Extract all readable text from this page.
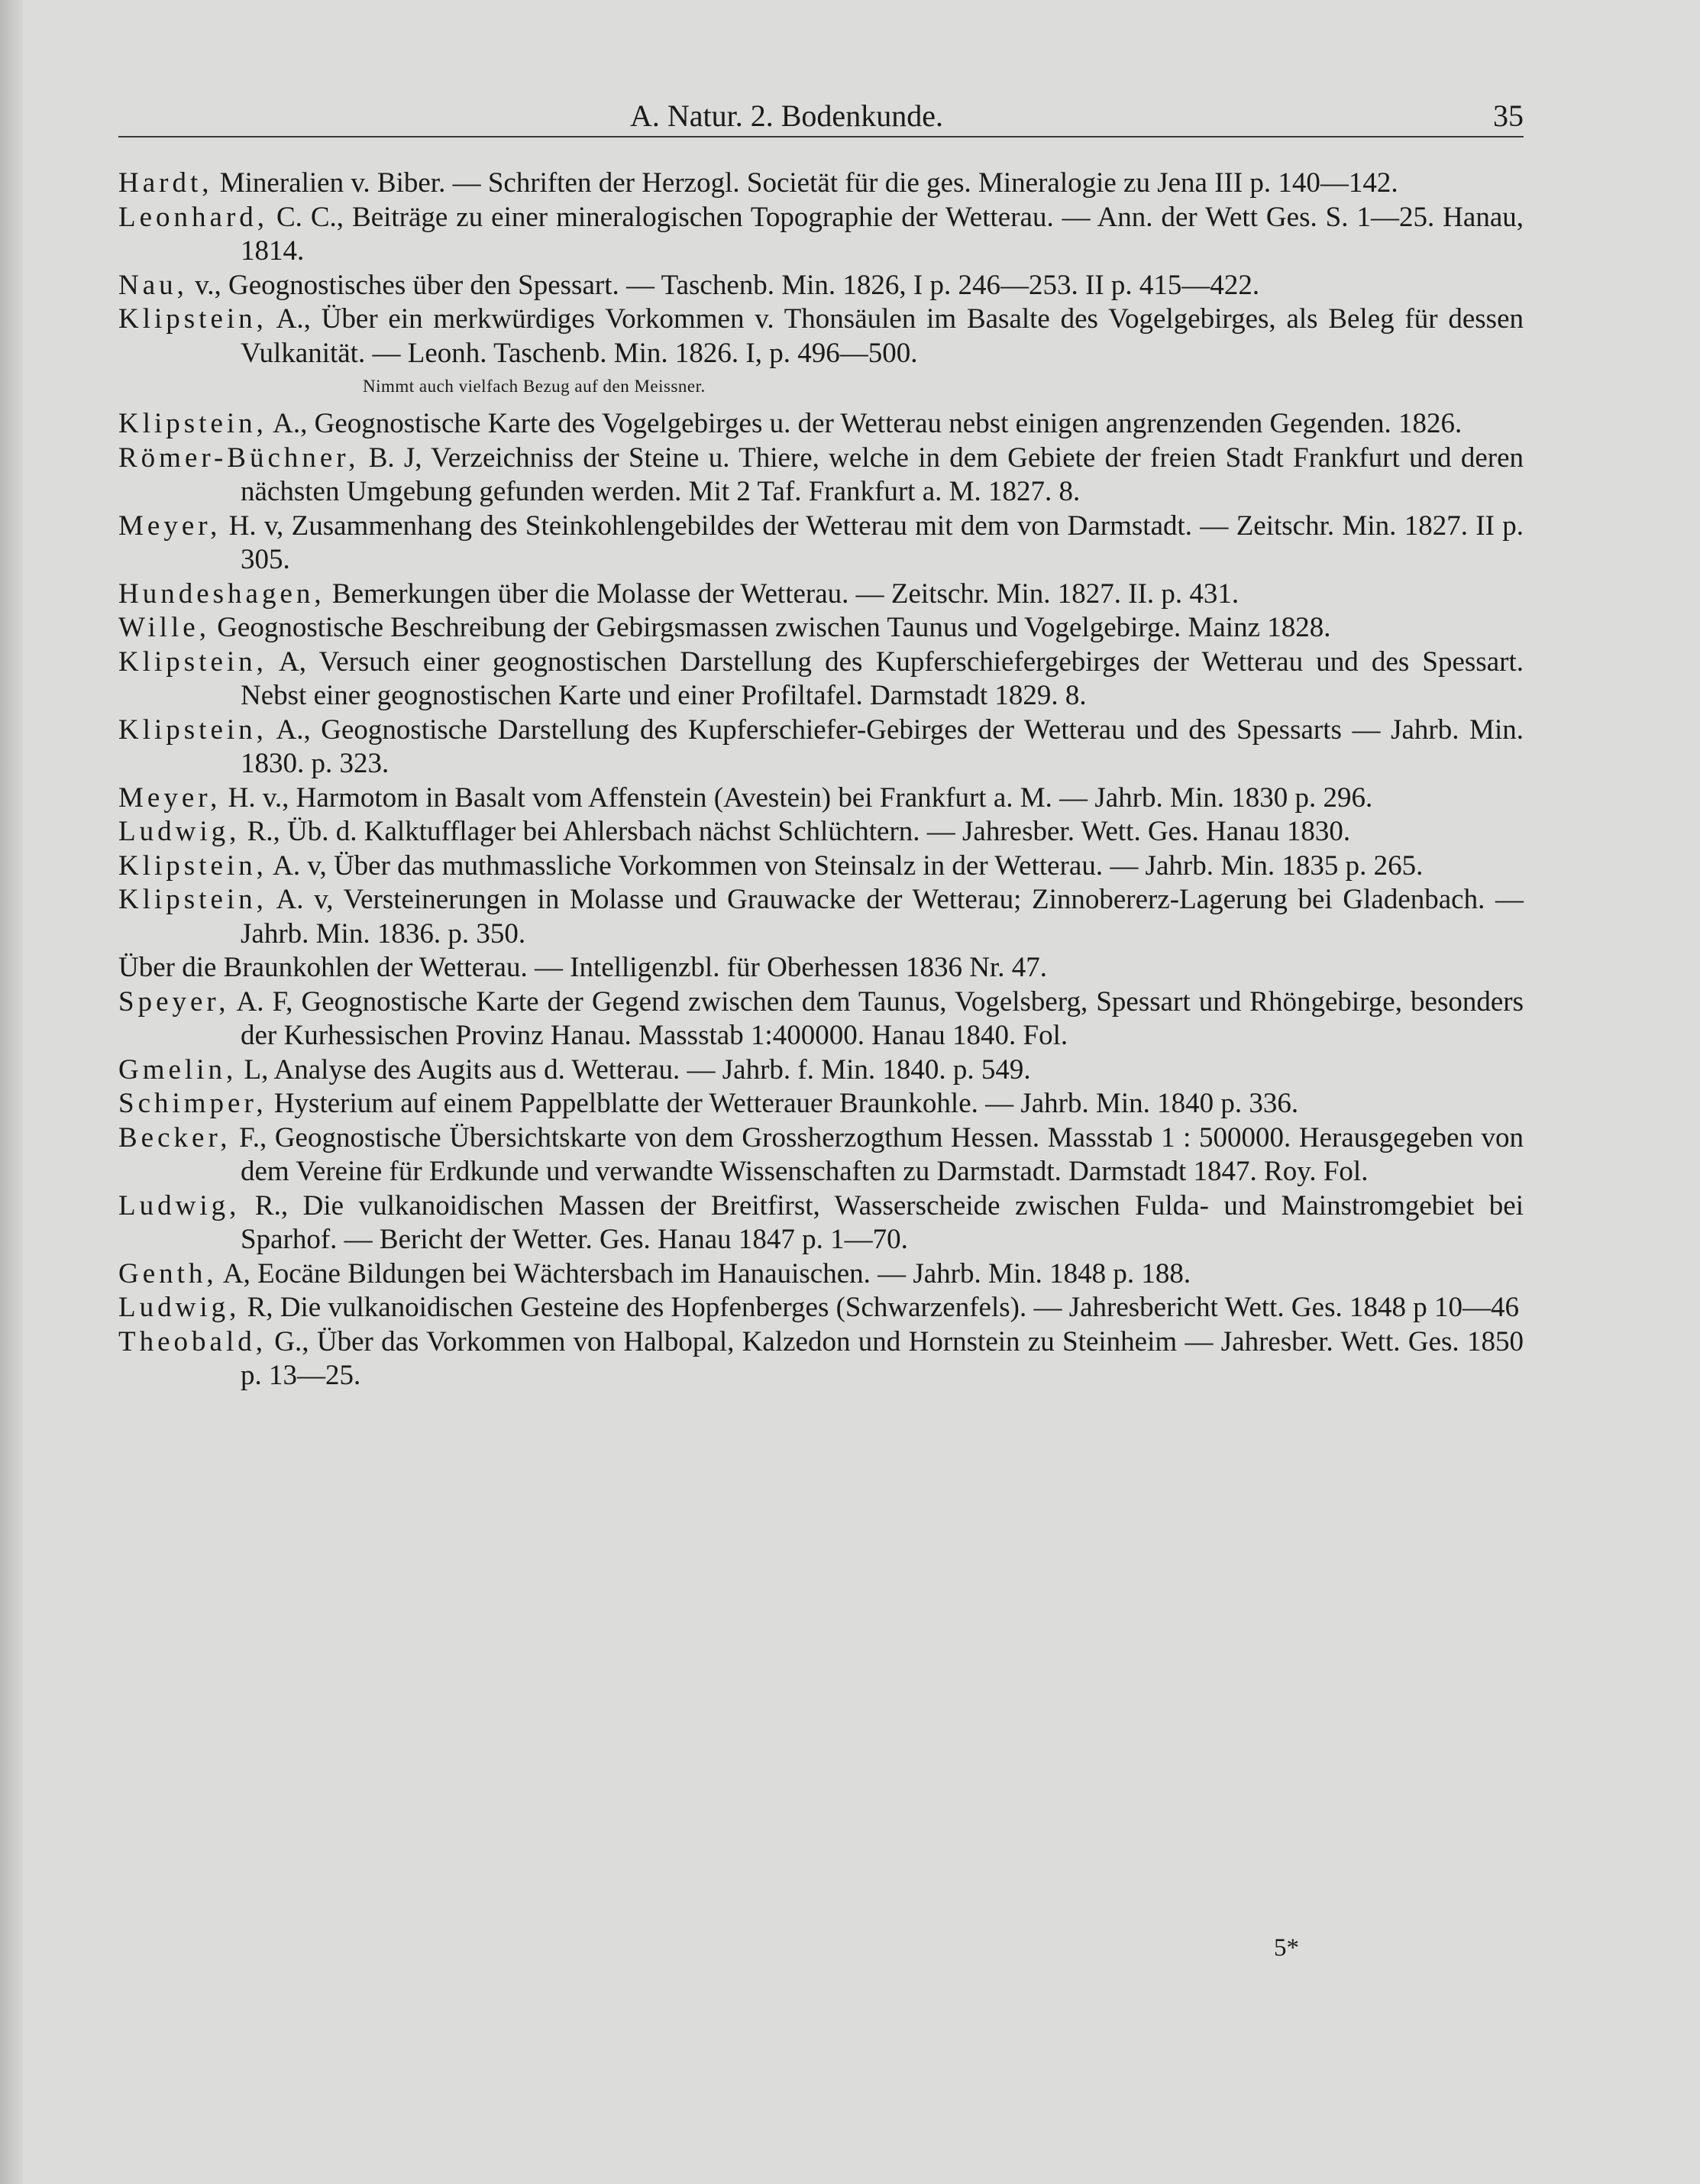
A. Natur. 2. Bodenkunde.	35

Hardt, Mineralien v. Biber. — Schriften der Herzogl. Societät für die ges. Mineralogie zu Jena III p. 140—142.

Leonhard, C. C., Beiträge zu einer mineralogischen Topographie der Wetterau. — Ann. der Wett Ges. S. 1—25. Hanau, 1814.

Nau, v., Geognostisches über den Spessart. — Taschenb. Min. 1826, I p. 246—253. II p. 415—422.

Klipstein, A., Über ein merkwürdiges Vorkommen v. Thonsäulen im Basalte des Vogelgebirges, als Beleg für dessen Vulkanität. — Leonh. Taschenb. Min. 1826. I, p. 496—500.

Nimmt auch vielfach Bezug auf den Meissner.

Klipstein, A., Geognostische Karte des Vogelgebirges u. der Wetterau nebst einigen angrenzenden Gegenden. 1826.

Römer-Büchner, B. J, Verzeichniss der Steine u. Thiere, welche in dem Gebiete der freien Stadt Frankfurt und deren nächsten Umgebung gefunden werden. Mit 2 Taf. Frankfurt a. M. 1827. 8.

Meyer, H. v, Zusammenhang des Steinkohlengebildes der Wetterau mit dem von Darmstadt. — Zeitschr. Min. 1827. II p. 305.

Hundeshagen, Bemerkungen über die Molasse der Wetterau. — Zeitschr. Min. 1827. II. p. 431.

Wille, Geognostische Beschreibung der Gebirgsmassen zwischen Taunus und Vogelgebirge. Mainz 1828.

Klipstein, A, Versuch einer geognostischen Darstellung des Kupferschiefergebirges der Wetterau und des Spessart. Nebst einer geognostischen Karte und einer Profiltafel. Darmstadt 1829. 8.

Klipstein, A., Geognostische Darstellung des Kupferschiefer-Gebirges der Wetterau und des Spessarts — Jahrb. Min. 1830. p. 323.

Meyer, H. v., Harmotom in Basalt vom Affenstein (Avestein) bei Frankfurt a. M. — Jahrb. Min. 1830 p. 296.

Ludwig, R., Üb. d. Kalktufflager bei Ahlersbach nächst Schlüchtern. — Jahresber. Wett. Ges. Hanau 1830.

Klipstein, A. v, Über das muthmassliche Vorkommen von Steinsalz in der Wetterau. — Jahrb. Min. 1835 p. 265.

Klipstein, A. v, Versteinerungen in Molasse und Grauwacke der Wetterau; Zinnobererz-Lagerung bei Gladenbach. — Jahrb. Min. 1836. p. 350.

Über die Braunkohlen der Wetterau. — Intelligenzbl. für Oberhessen 1836 Nr. 47.

Speyer, A. F, Geognostische Karte der Gegend zwischen dem Taunus, Vogelsberg, Spessart und Rhöngebirge, besonders der Kurhessischen Provinz Hanau. Massstab 1:400000. Hanau 1840. Fol.

Gmelin, L, Analyse des Augits aus d. Wetterau. — Jahrb. f. Min. 1840. p. 549.

Schimper, Hysterium auf einem Pappelblatte der Wetterauer Braunkohle. — Jahrb. Min. 1840 p. 336.

Becker, F., Geognostische Übersichtskarte von dem Grossherzogthum Hessen. Massstab 1 : 500000. Herausgegeben von dem Vereine für Erdkunde und verwandte Wissenschaften zu Darmstadt. Darmstadt 1847. Roy. Fol.

Ludwig, R., Die vulkanoidischen Massen der Breitfirst, Wasserscheide zwischen Fulda- und Mainstromgebiet bei Sparhof. — Bericht der Wetter. Ges. Hanau 1847 p. 1—70.

Genth, A, Eocäne Bildungen bei Wächtersbach im Hanauischen. — Jahrb. Min. 1848 p. 188.

Ludwig, R, Die vulkanoidischen Gesteine des Hopfenberges (Schwarzenfels). — Jahresbericht Wett. Ges. 1848 p 10—46

Theobald, G., Über das Vorkommen von Halbopal, Kalzedon und Hornstein zu Steinheim — Jahresber. Wett. Ges. 1850 p. 13—25.

5*
